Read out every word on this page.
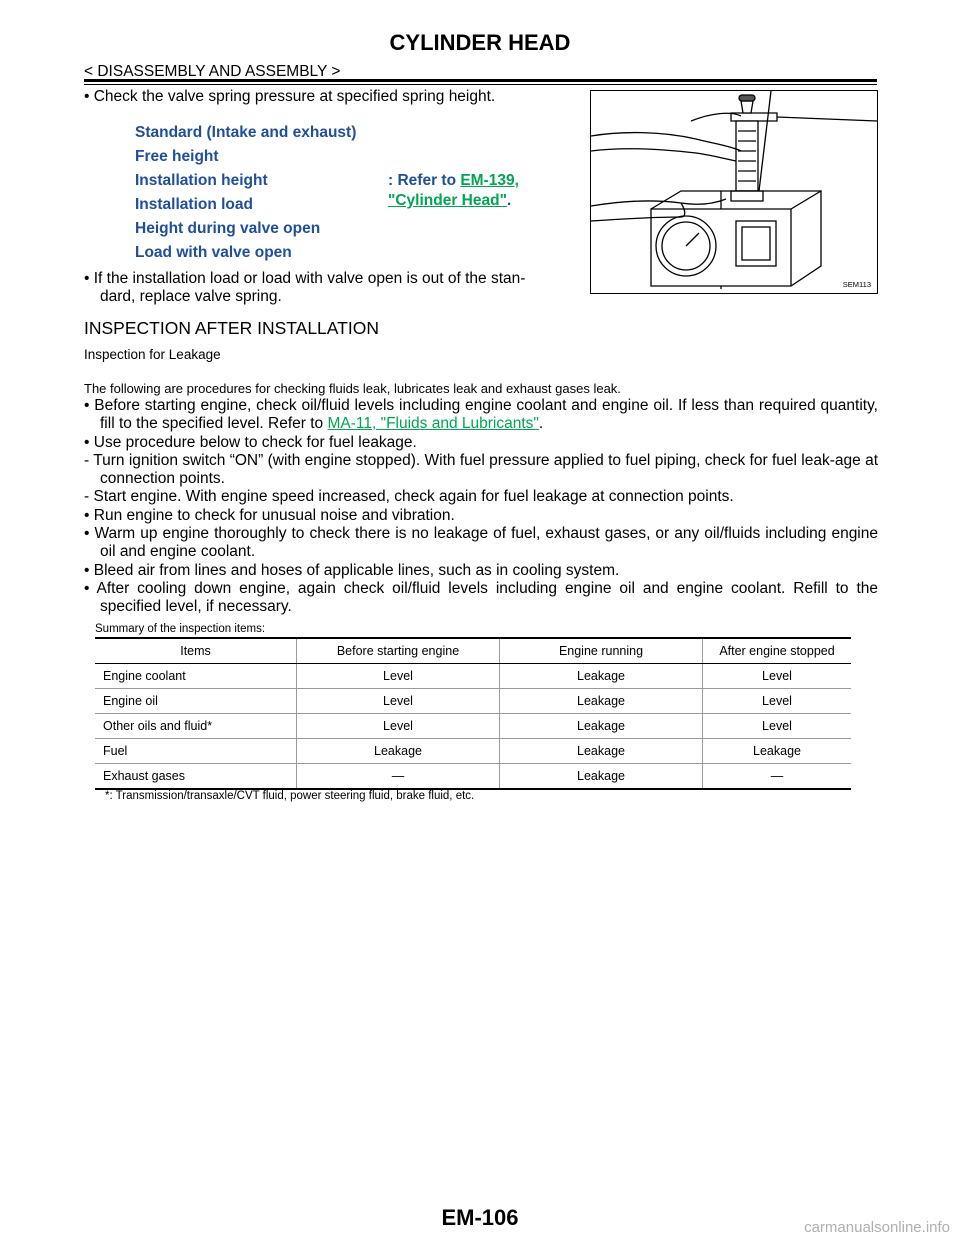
CYLINDER HEAD
< DISASSEMBLY AND ASSEMBLY >
• Check the valve spring pressure at specified spring height.
Standard (Intake and exhaust)
Free height
Installation height
Installation load
Height during valve open
Load with valve open
: Refer to EM-139,
"Cylinder Head".
• If the installation load or load with valve open is out of the stan-
dard, replace valve spring.
SEM113
INSPECTION AFTER INSTALLATION
Inspection for Leakage
The following are procedures for checking fluids leak, lubricates leak and exhaust gases leak.

• Before starting engine, check oil/fluid levels including engine coolant and engine oil. If less than required quantity, fill to the specified level. Refer to MA-11, "Fluids and Lubricants".

• Use procedure below to check for fuel leakage.

- Turn ignition switch “ON” (with engine stopped). With fuel pressure applied to fuel piping, check for fuel leak-age at connection points.

- Start engine. With engine speed increased, check again for fuel leakage at connection points.

• Run engine to check for unusual noise and vibration.

• Warm up engine thoroughly to check there is no leakage of fuel, exhaust gases, or any oil/fluids including engine oil and engine coolant.

• Bleed air from lines and hoses of applicable lines, such as in cooling system.

• After cooling down engine, again check oil/fluid levels including engine oil and engine coolant. Refill to the specified level, if necessary.

Summary of the inspection items:
Items	Before starting engine	Engine running	After engine stopped
Engine coolant	Level	Leakage	Level
Engine oil	Level	Leakage	Level
Other oils and fluid*	Level	Leakage	Level
Fuel	Leakage	Leakage	Leakage
Exhaust gases	—	Leakage	—
*: Transmission/transaxle/CVT fluid, power steering fluid, brake fluid, etc.
EM-106	carmanualsonline.info
